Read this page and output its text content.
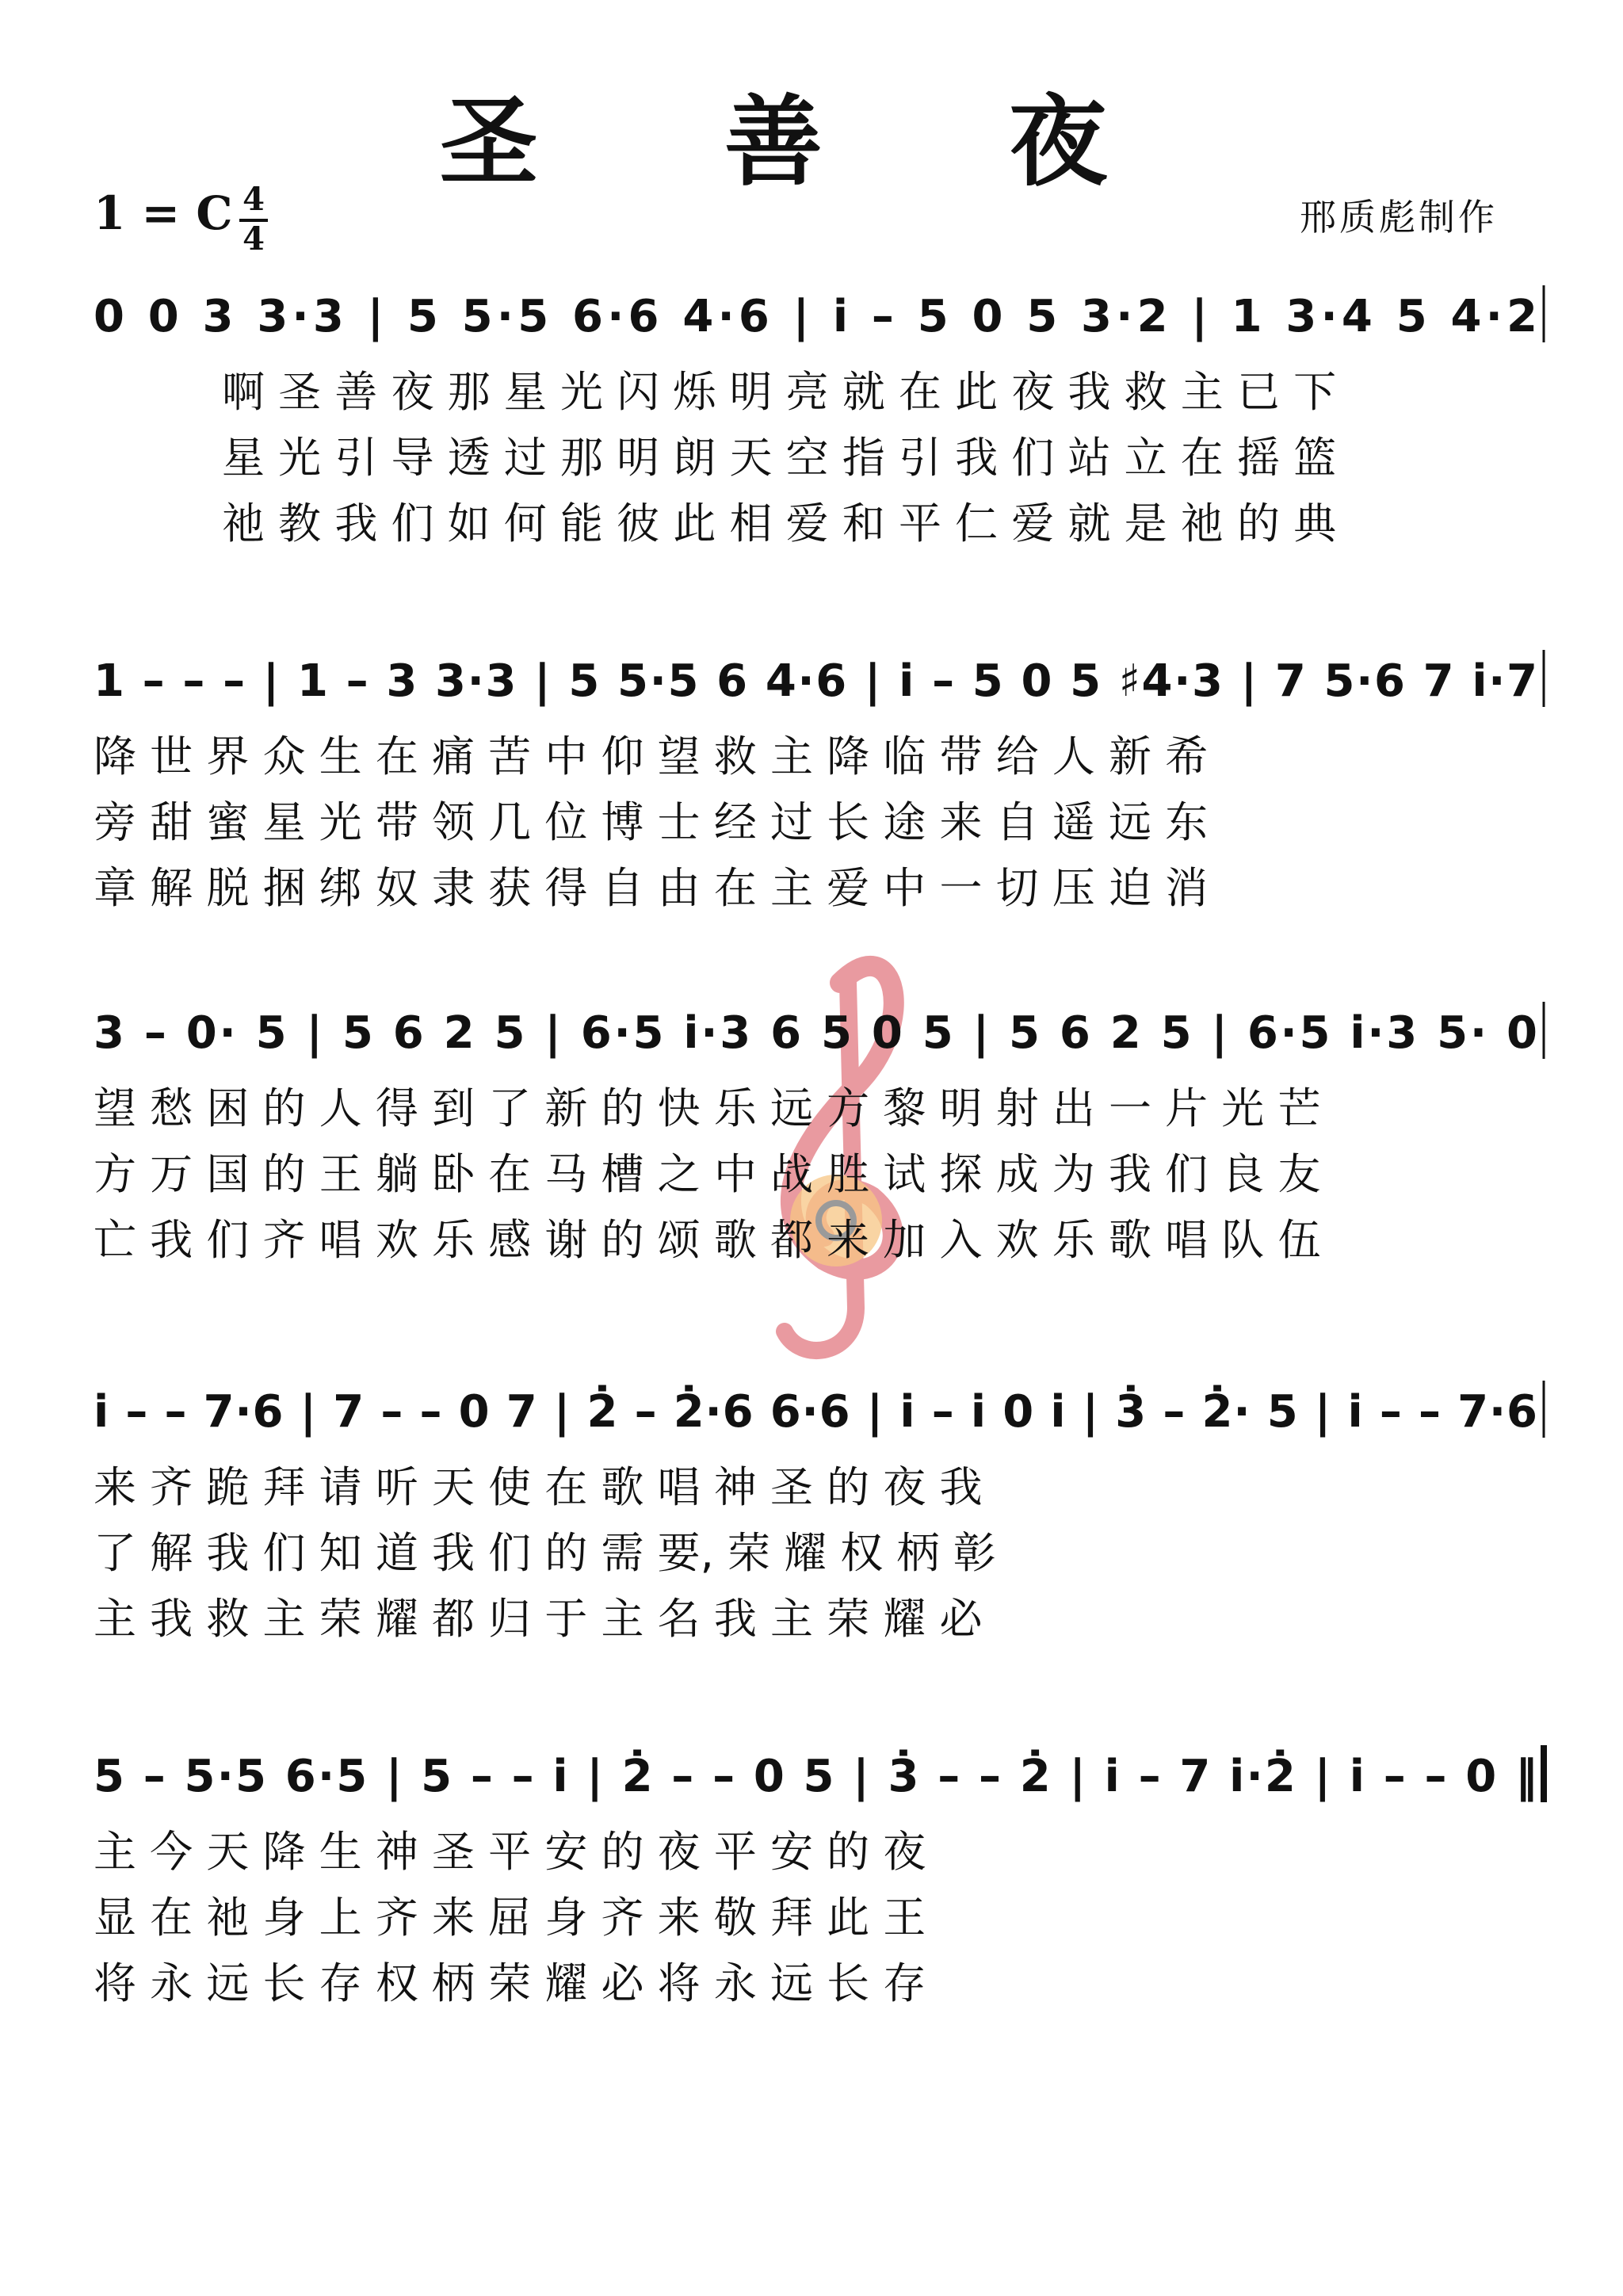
圣 善 夜
1 = C 4
4
邢质彪制作
0 0 3 3·3 | 5 5·5 6·6 4·6 | i̇ – 5 0 5 3·2 | 1 3·4 5 4·2
啊 圣 善 夜 那 星 光 闪 烁 明 亮 就 在 此 夜 我 救 主 已 下
星 光 引 导 透 过 那 明 朗 天 空 指 引 我 们 站 立 在 摇 篮
祂 教 我 们 如 何 能 彼 此 相 爱 和 平 仁 爱 就 是 祂 的 典
1 – – – | 1 – 3 3·3 | 5 5·5 6 4·6 | i̇ – 5 0 5 ♯4·3 | 7 5·6 7 i̇·7
降 世 界 众 生 在 痛 苦 中 仰 望 救 主 降 临 带 给 人 新 希
旁 甜 蜜 星 光 带 领 几 位 博 士 经 过 长 途 来 自 遥 远 东
章 解 脱 捆 绑 奴 隶 获 得 自 由 在 主 爱 中 一 切 压 迫 消
3 – 0· 5 | 5 6 2 5 | 6·5 i̇·3 6 5 0 5 | 5 6 2 5 | 6·5 i̇·3 5· 0
望 愁 困 的 人 得 到 了 新 的 快 乐 远 方 黎 明 射 出 一 片 光 芒
方 万 国 的 王 躺 卧 在 马 槽 之 中 战 胜 试 探 成 为 我 们 良 友
亡 我 们 齐 唱 欢 乐 感 谢 的 颂 歌 都 来 加 入 欢 乐 歌 唱 队 伍
i̇ – – 7·6 | 7 – – 0 7 | 2̇ – 2̇·6 6·6 | i̇ – i̇ 0 i̇ | 3̇ – 2̇· 5 | i̇ – – 7·6
来 齐 跪 拜 请 听 天 使 在 歌 唱 神 圣 的 夜 我
了 解 我 们 知 道 我 们 的 需 要, 荣 耀 权 柄 彰
主 我 救 主 荣 耀 都 归 于 主 名 我 主 荣 耀 必
5 – 5·5 6·5 | 5 – – i̇ | 2̇ – – 0 5 | 3̇ – – 2̇ | i̇ – 7 i̇·2̇ | i̇ – – 0 ‖
主 今 天 降 生 神 圣 平 安 的 夜 平 安 的 夜
显 在 祂 身 上 齐 来 屈 身 齐 来 敬 拜 此 王
将 永 远 长 存 权 柄 荣 耀 必 将 永 远 长 存
